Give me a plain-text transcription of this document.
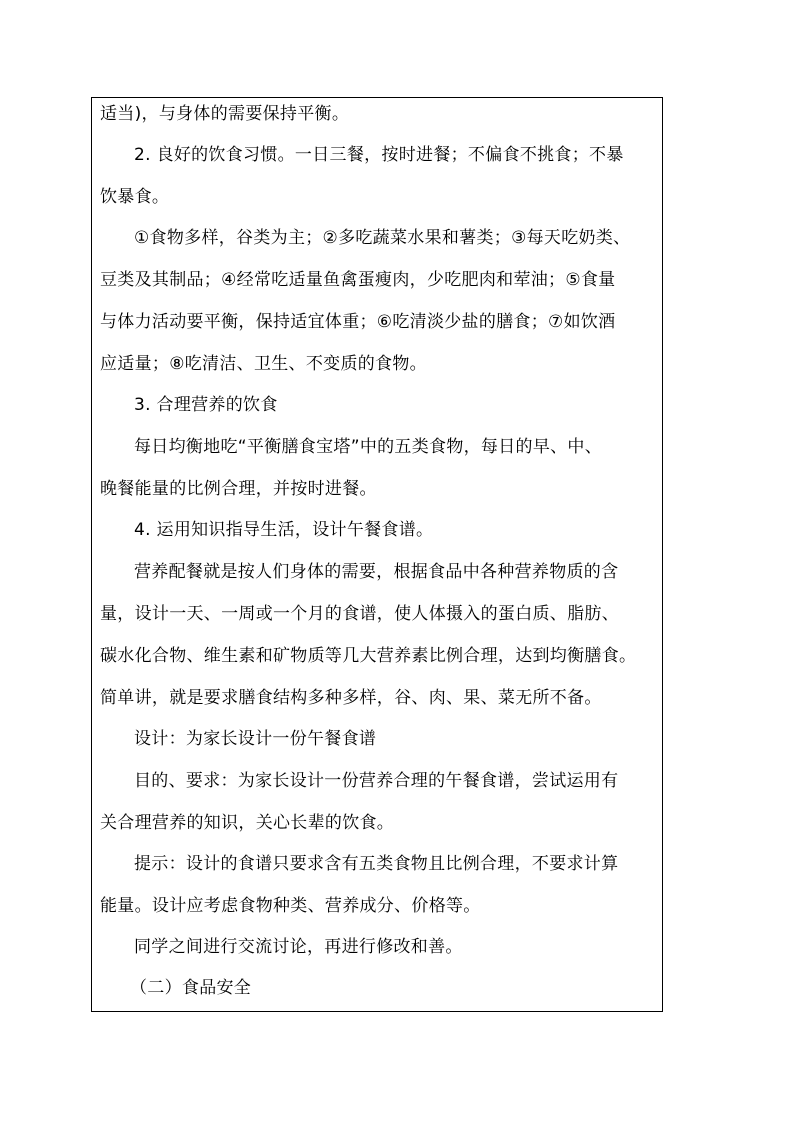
适当)，与身体的需要保持平衡。

2. 良好的饮食习惯。一日三餐，按时进餐；不偏食不挑食；不暴

饮暴食。

①食物多样，谷类为主；②多吃蔬菜水果和薯类；③每天吃奶类、

豆类及其制品；④经常吃适量鱼禽蛋瘦肉，少吃肥肉和荤油；⑤食量

与体力活动要平衡，保持适宜体重；⑥吃清淡少盐的膳食；⑦如饮酒

应适量；⑧吃清洁、卫生、不变质的食物。

3. 合理营养的饮食

每日均衡地吃“平衡膳食宝塔”中的五类食物，每日的早、中、

晚餐能量的比例合理，并按时进餐。

4. 运用知识指导生活，设计午餐食谱。

营养配餐就是按人们身体的需要，根据食品中各种营养物质的含

量，设计一天、一周或一个月的食谱，使人体摄入的蛋白质、脂肪、

碳水化合物、维生素和矿物质等几大营养素比例合理，达到均衡膳食。

简单讲，就是要求膳食结构多种多样，谷、肉、果、菜无所不备。

设计：为家长设计一份午餐食谱

目的、要求：为家长设计一份营养合理的午餐食谱，尝试运用有

关合理营养的知识，关心长辈的饮食。

提示：设计的食谱只要求含有五类食物且比例合理，不要求计算

能量。设计应考虑食物种类、营养成分、价格等。

同学之间进行交流讨论，再进行修改和善。

（二）食品安全
